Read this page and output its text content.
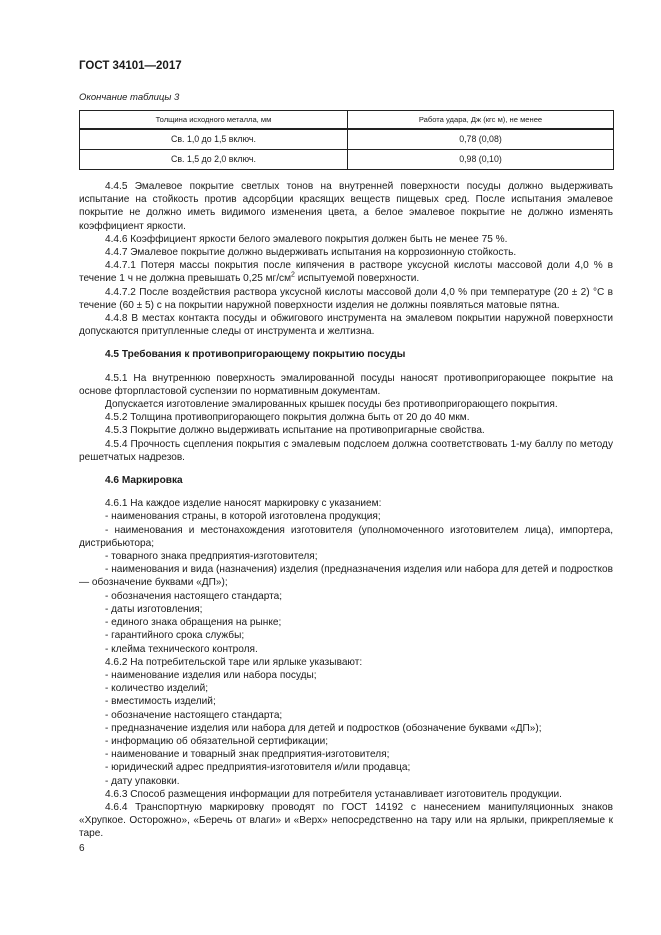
ГОСТ 34101—2017
Окончание таблицы 3
Толщина исходного металла, мм	Работа удара, Дж (кгс м), не менее
Св. 1,0 до 1,5 включ.	0,78 (0,08)
Св. 1,5 до 2,0 включ.	0,98 (0,10)

4.4.5 Эмалевое покрытие светлых тонов на внутренней поверхности посуды должно выдерживать испытание на стойкость против адсорбции красящих веществ пищевых сред. После испытания эмалевое покрытие не должно иметь видимого изменения цвета, а белое эмалевое покрытие не должно изменять коэффициент яркости.

4.4.6 Коэффициент яркости белого эмалевого покрытия должен быть не менее 75 %.

4.4.7 Эмалевое покрытие должно выдерживать испытания на коррозионную стойкость.

4.4.7.1 Потеря массы покрытия после кипячения в растворе уксусной кислоты массовой доли 4,0 % в течение 1 ч не должна превышать 0,25 $мг/см^2$ испытуемой поверхности.

4.4.7.2 После воздействия раствора уксусной кислоты массовой доли 4,0 % при температуре (20 ± 2) °С в течение (60 ± 5) с на покрытии наружной поверхности изделия не должны появляться матовые пятна.

4.4.8 В местах контакта посуды и обжигового инструмента на эмалевом покрытии наружной поверхности допускаются притупленные следы от инструмента и желтизна.

4.5 Требования к противопригорающему покрытию посуды

4.5.1 На внутреннюю поверхность эмалированной посуды наносят противопригорающее покрытие на основе фторпластовой суспензии по нормативным документам.

Допускается изготовление эмалированных крышек посуды без противопригорающего покрытия.

4.5.2 Толщина противопригорающего покрытия должна быть от 20 до 40 мкм.

4.5.3 Покрытие должно выдерживать испытание на противопригарные свойства.

4.5.4 Прочность сцепления покрытия с эмалевым подслоем должна соответствовать 1-му баллу по методу решетчатых надрезов.

4.6 Маркировка

4.6.1 На каждое изделие наносят маркировку с указанием:

- наименования страны, в которой изготовлена продукция;

- наименования и местонахождения изготовителя (уполномоченного изготовителем лица), импортера, дистрибьютора;

- товарного знака предприятия-изготовителя;

- наименования и вида (назначения) изделия (предназначения изделия или набора для детей и подростков — обозначение буквами «ДП»);

- обозначения настоящего стандарта;

- даты изготовления;

- единого знака обращения на рынке;

- гарантийного срока службы;

- клейма технического контроля.

4.6.2 На потребительской таре или ярлыке указывают:

- наименование изделия или набора посуды;

- количество изделий;

- вместимость изделий;

- обозначение настоящего стандарта;

- предназначение изделия или набора для детей и подростков (обозначение буквами «ДП»);

- информацию об обязательной сертификации;

- наименование и товарный знак предприятия-изготовителя;

- юридический адрес предприятия-изготовителя и/или продавца;

- дату упаковки.

4.6.3 Способ размещения информации для потребителя устанавливает изготовитель продукции.

4.6.4 Транспортную маркировку проводят по ГОСТ 14192 с нанесением манипуляционных знаков «Хрупкое. Осторожно», «Беречь от влаги» и «Верх» непосредственно на тару или на ярлыки, прикрепляемые к таре.

6
